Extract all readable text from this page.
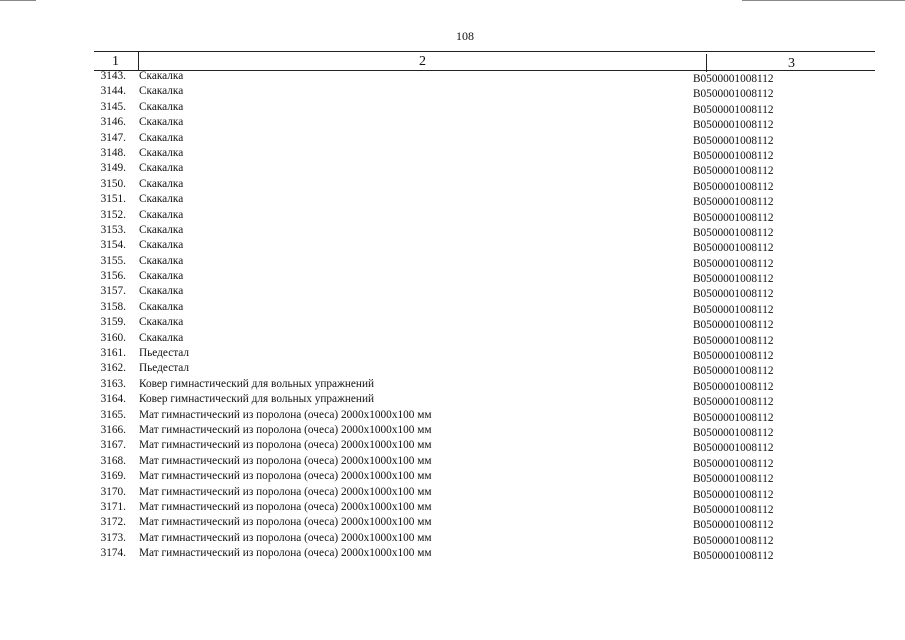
108
1	2	3
3143. Скакалка	В0500001008112
3144. Скакалка	В0500001008112
3145. Скакалка	В0500001008112
3146. Скакалка	В0500001008112
3147. Скакалка	В0500001008112
3148. Скакалка	В0500001008112
3149. Скакалка	В0500001008112
3150. Скакалка	В0500001008112
3151. Скакалка	В0500001008112
3152. Скакалка	В0500001008112
3153. Скакалка	В0500001008112
3154. Скакалка	В0500001008112
3155. Скакалка	В0500001008112
3156. Скакалка	В0500001008112
3157. Скакалка	В0500001008112
3158. Скакалка	В0500001008112
3159. Скакалка	В0500001008112
3160. Скакалка	В0500001008112
3161. Пьедестал	В0500001008112
3162. Пьедестал	В0500001008112
3163. Ковер гимнастический для вольных упражнений	В0500001008112
3164. Ковер гимнастический для вольных упражнений	В0500001008112
3165. Мат гимнастический из поролона (очеса) 2000х1000х100 мм	В0500001008112
3166. Мат гимнастический из поролона (очеса) 2000х1000х100 мм	В0500001008112
3167. Мат гимнастический из поролона (очеса) 2000х1000х100 мм	В0500001008112
3168. Мат гимнастический из поролона (очеса) 2000х1000х100 мм	В0500001008112
3169. Мат гимнастический из поролона (очеса) 2000х1000х100 мм	В0500001008112
3170. Мат гимнастический из поролона (очеса) 2000х1000х100 мм	В0500001008112
3171. Мат гимнастический из поролона (очеса) 2000х1000х100 мм	В0500001008112
3172. Мат гимнастический из поролона (очеса) 2000х1000х100 мм	В0500001008112
3173. Мат гимнастический из поролона (очеса) 2000х1000х100 мм	В0500001008112
3174. Мат гимнастический из поролона (очеса) 2000х1000х100 мм	В0500001008112
